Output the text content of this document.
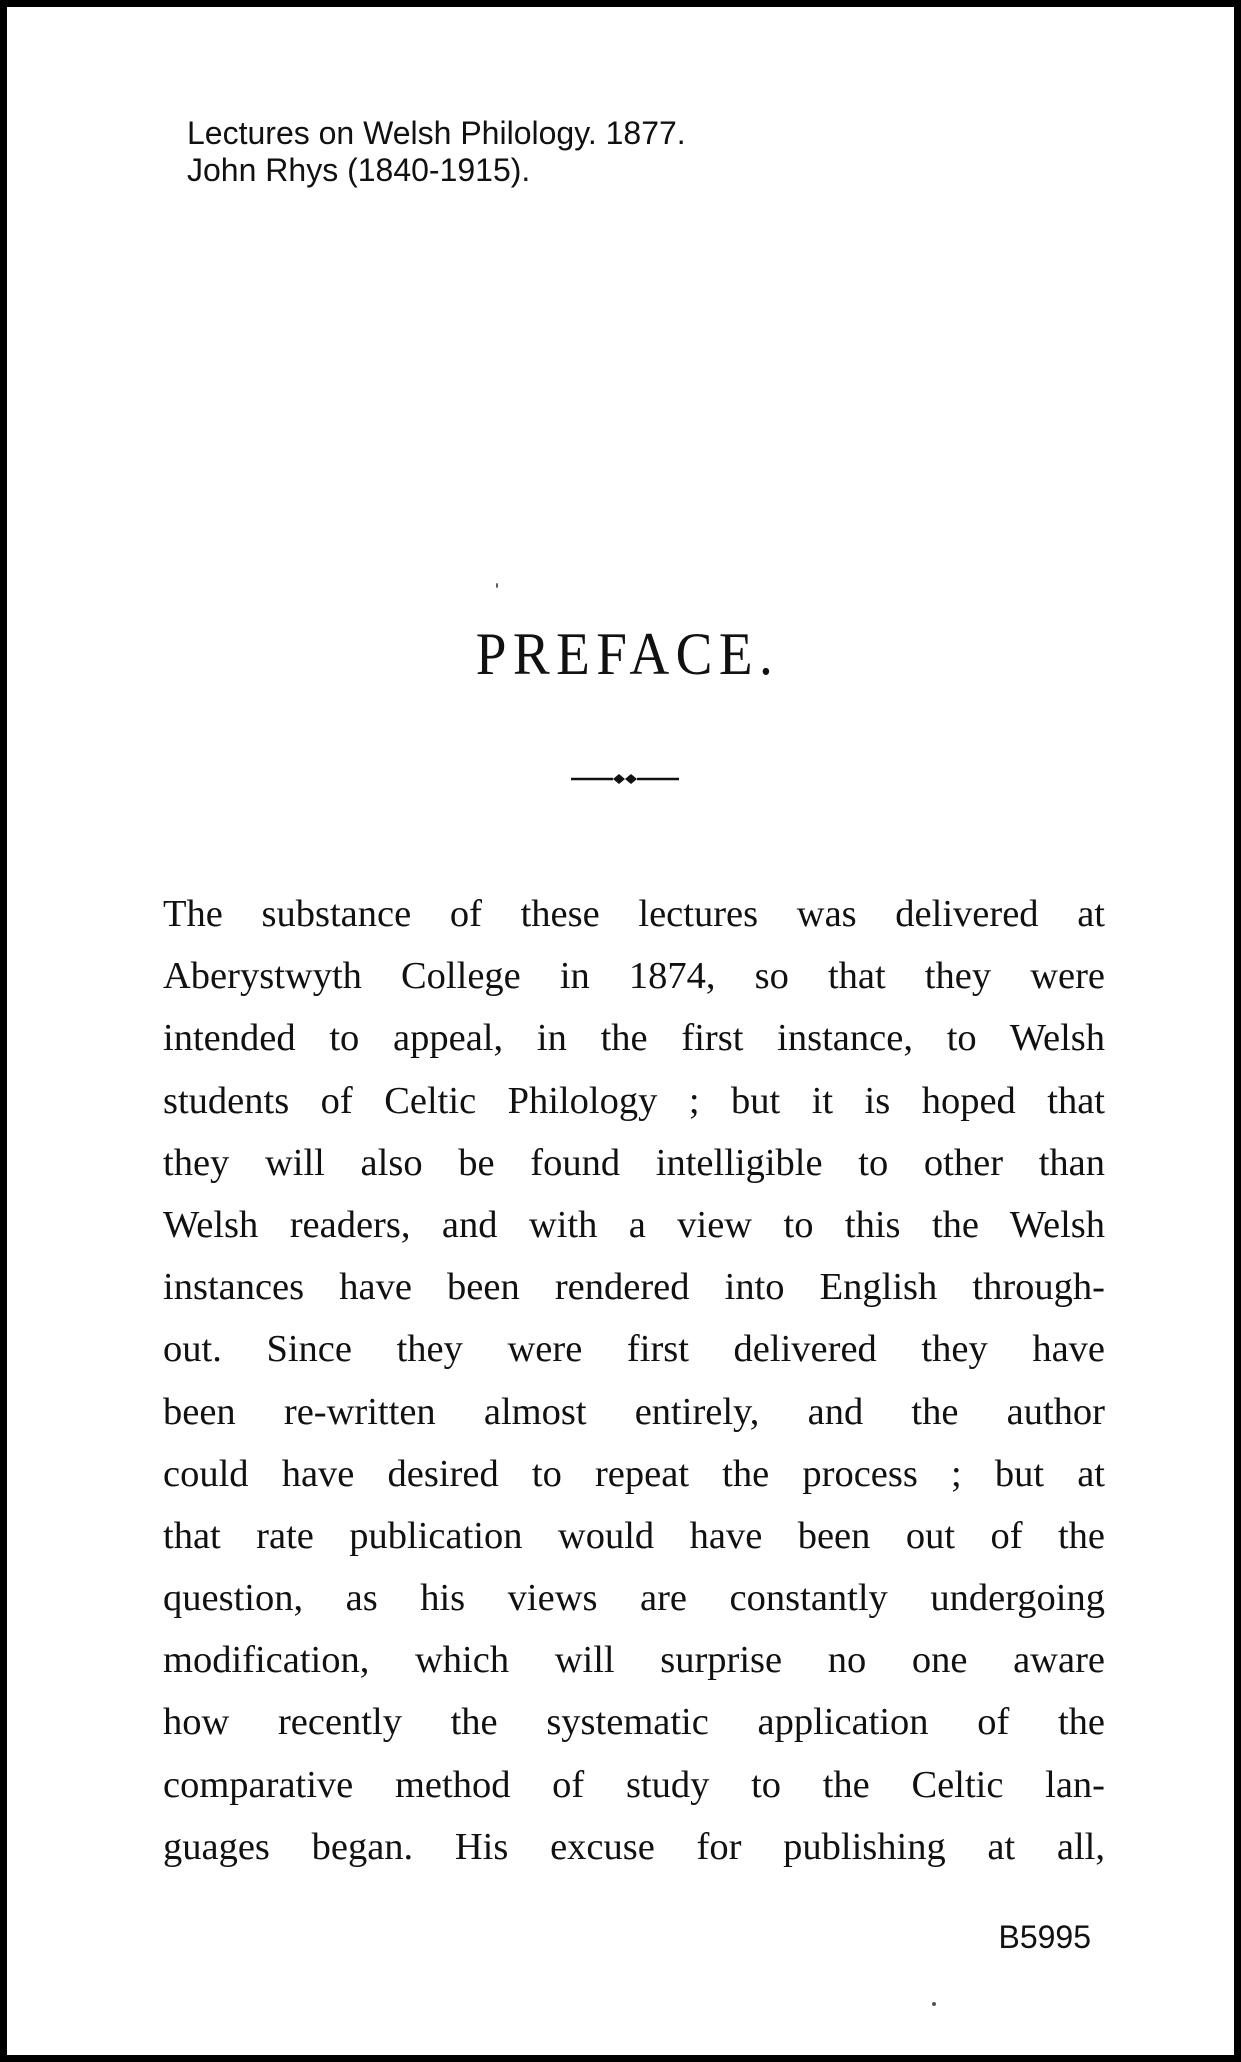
Lectures on Welsh Philology. 1877.
John Rhys (1840-1915).
PREFACE.
The substance of these lectures was delivered at
Aberystwyth College in 1874, so that they were
intended to appeal, in the first instance, to Welsh
students of Celtic Philology ; but it is hoped that
they will also be found intelligible to other than
Welsh readers, and with a view to this the Welsh
instances have been rendered into English through-
out. Since they were first delivered they have
been re-written almost entirely, and the author
could have desired to repeat the process ; but at
that rate publication would have been out of the
question, as his views are constantly undergoing
modification, which will surprise no one aware
how recently the systematic application of the
comparative method of study to the Celtic lan-
guages began. His excuse for publishing at all,
B5995
